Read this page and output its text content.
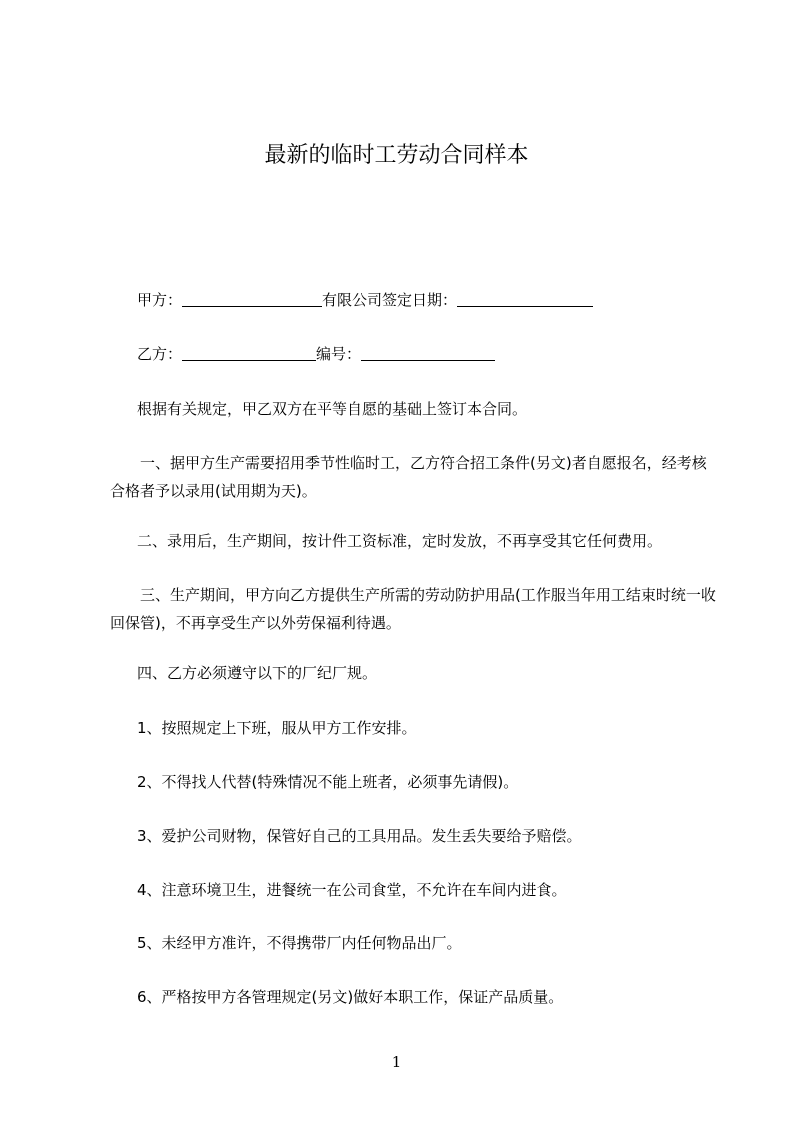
最新的临时工劳动合同样本
甲方：	有限公司签定日期：
乙方：	编号：
根据有关规定，甲乙双方在平等自愿的基础上签订本合同。
一、据甲方生产需要招用季节性临时工，乙方符合招工条件(另文)者自愿报名，经考核合格者予以录用(试用期为天)。
二、录用后，生产期间，按计件工资标准，定时发放，不再享受其它任何费用。
三、生产期间，甲方向乙方提供生产所需的劳动防护用品(工作服当年用工结束时统一收回保管)，不再享受生产以外劳保福利待遇。
四、乙方必须遵守以下的厂纪厂规。
1、按照规定上下班，服从甲方工作安排。
2、不得找人代替(特殊情况不能上班者，必须事先请假)。
3、爱护公司财物，保管好自己的工具用品。发生丢失要给予赔偿。
4、注意环境卫生，进餐统一在公司食堂，不允许在车间内进食。
5、未经甲方准许，不得携带厂内任何物品出厂。
6、严格按甲方各管理规定(另文)做好本职工作，保证产品质量。
1
